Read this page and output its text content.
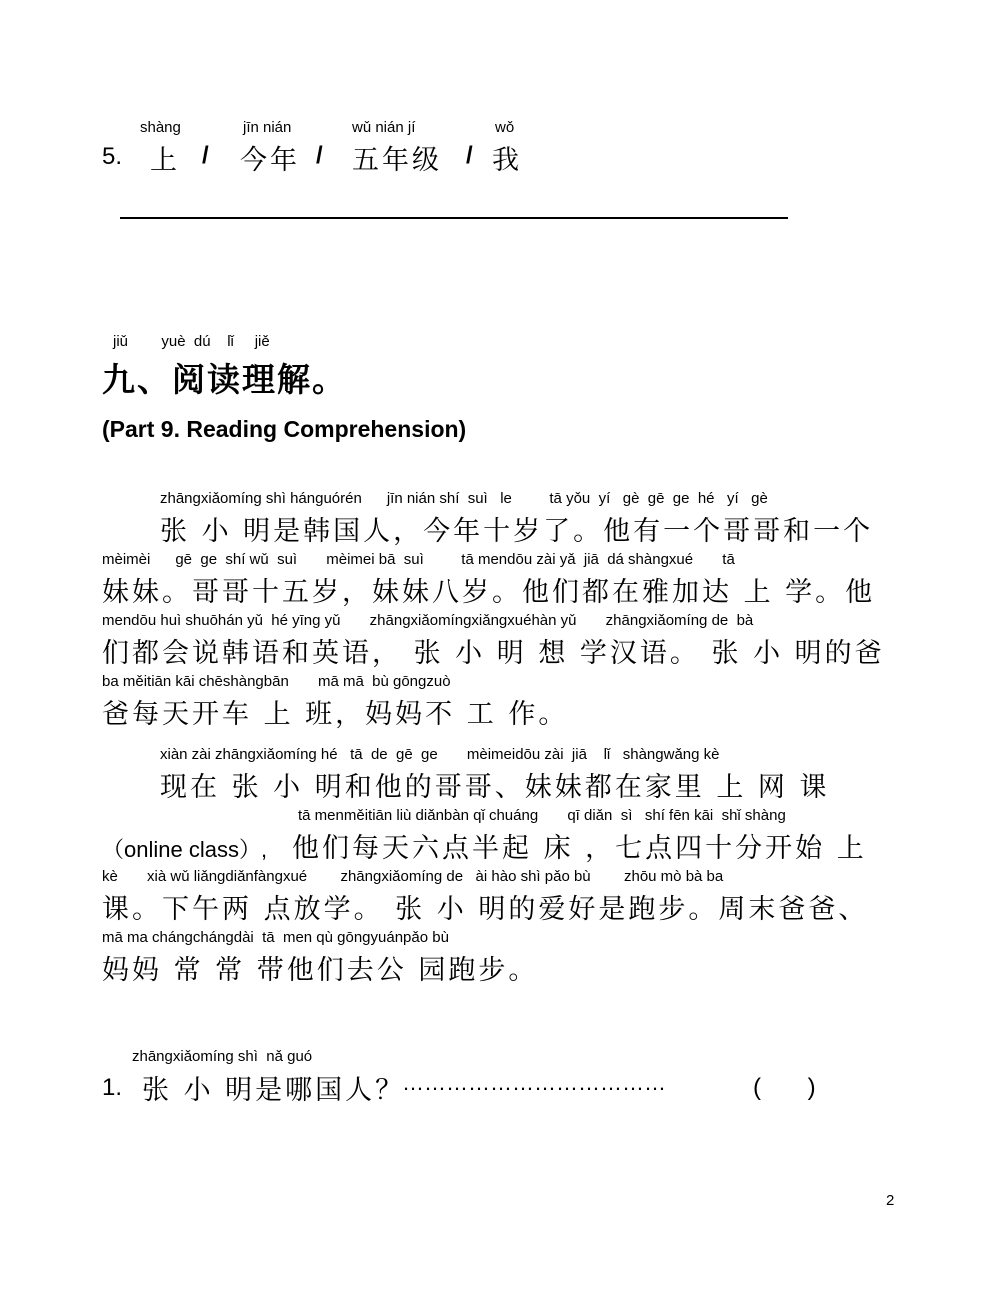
shàng	jīn nián	wǔ nián jí	wǒ
5. 上 / 今年 / 五年级 / 我
jiǔ        yuè  dú    lǐ     jiě
九、阅读理解。
(Part 9. Reading Comprehension)
zhāngxiǎomíng shì hánguórén      jīn nián shí  suì   le         tā yǒu  yí   gè  gē  ge  hé   yí   gè
张 小 明是韩国人，今年十岁了。他有一个哥哥和一个
mèimèi      gē  ge  shí wǔ  suì       mèimei bā  suì         tā mendōu zài yǎ  jiā  dá shàngxué       tā
妹妹。哥哥十五岁，妹妹八岁。他们都在雅加达 上 学。他
mendōu huì shuōhán yǔ  hé yīng yǔ       zhāngxiǎomíngxiǎngxuéhàn yǔ       zhāngxiǎomíng de  bà
们都会说韩语和英语， 张 小 明 想 学汉语。 张 小 明的爸
ba měitiān kāi chēshàngbān       mā mā  bù gōngzuò
爸每天开车 上 班，妈妈不 工 作。
xiàn zài zhāngxiǎomíng hé   tā  de  gē  ge       mèimeidōu zài  jiā    lǐ   shàngwǎng kè
现在 张 小 明和他的哥哥、妹妹都在家里 上 网 课
tā menměitiān liù diǎnbàn qǐ chuáng       qī diǎn  sì   shí fēn kāi  shǐ shàng
（online class）, 他们每天六点半起 床 ，七点四十分开始 上
kè       xià wǔ liǎngdiǎnfàngxué        zhāngxiǎomíng de   ài hào shì pǎo bù        zhōu mò bà ba
课。下午两 点放学。 张 小 明的爱好是跑步。周末爸爸、
mā ma chángchángdài  tā  men qù gōngyuánpǎo bù
妈妈 常 常 带他们去公 园跑步。
zhāngxiǎomíng shì  nǎ guó
1. 张 小 明是哪国人？
………………………………	(       )
2
